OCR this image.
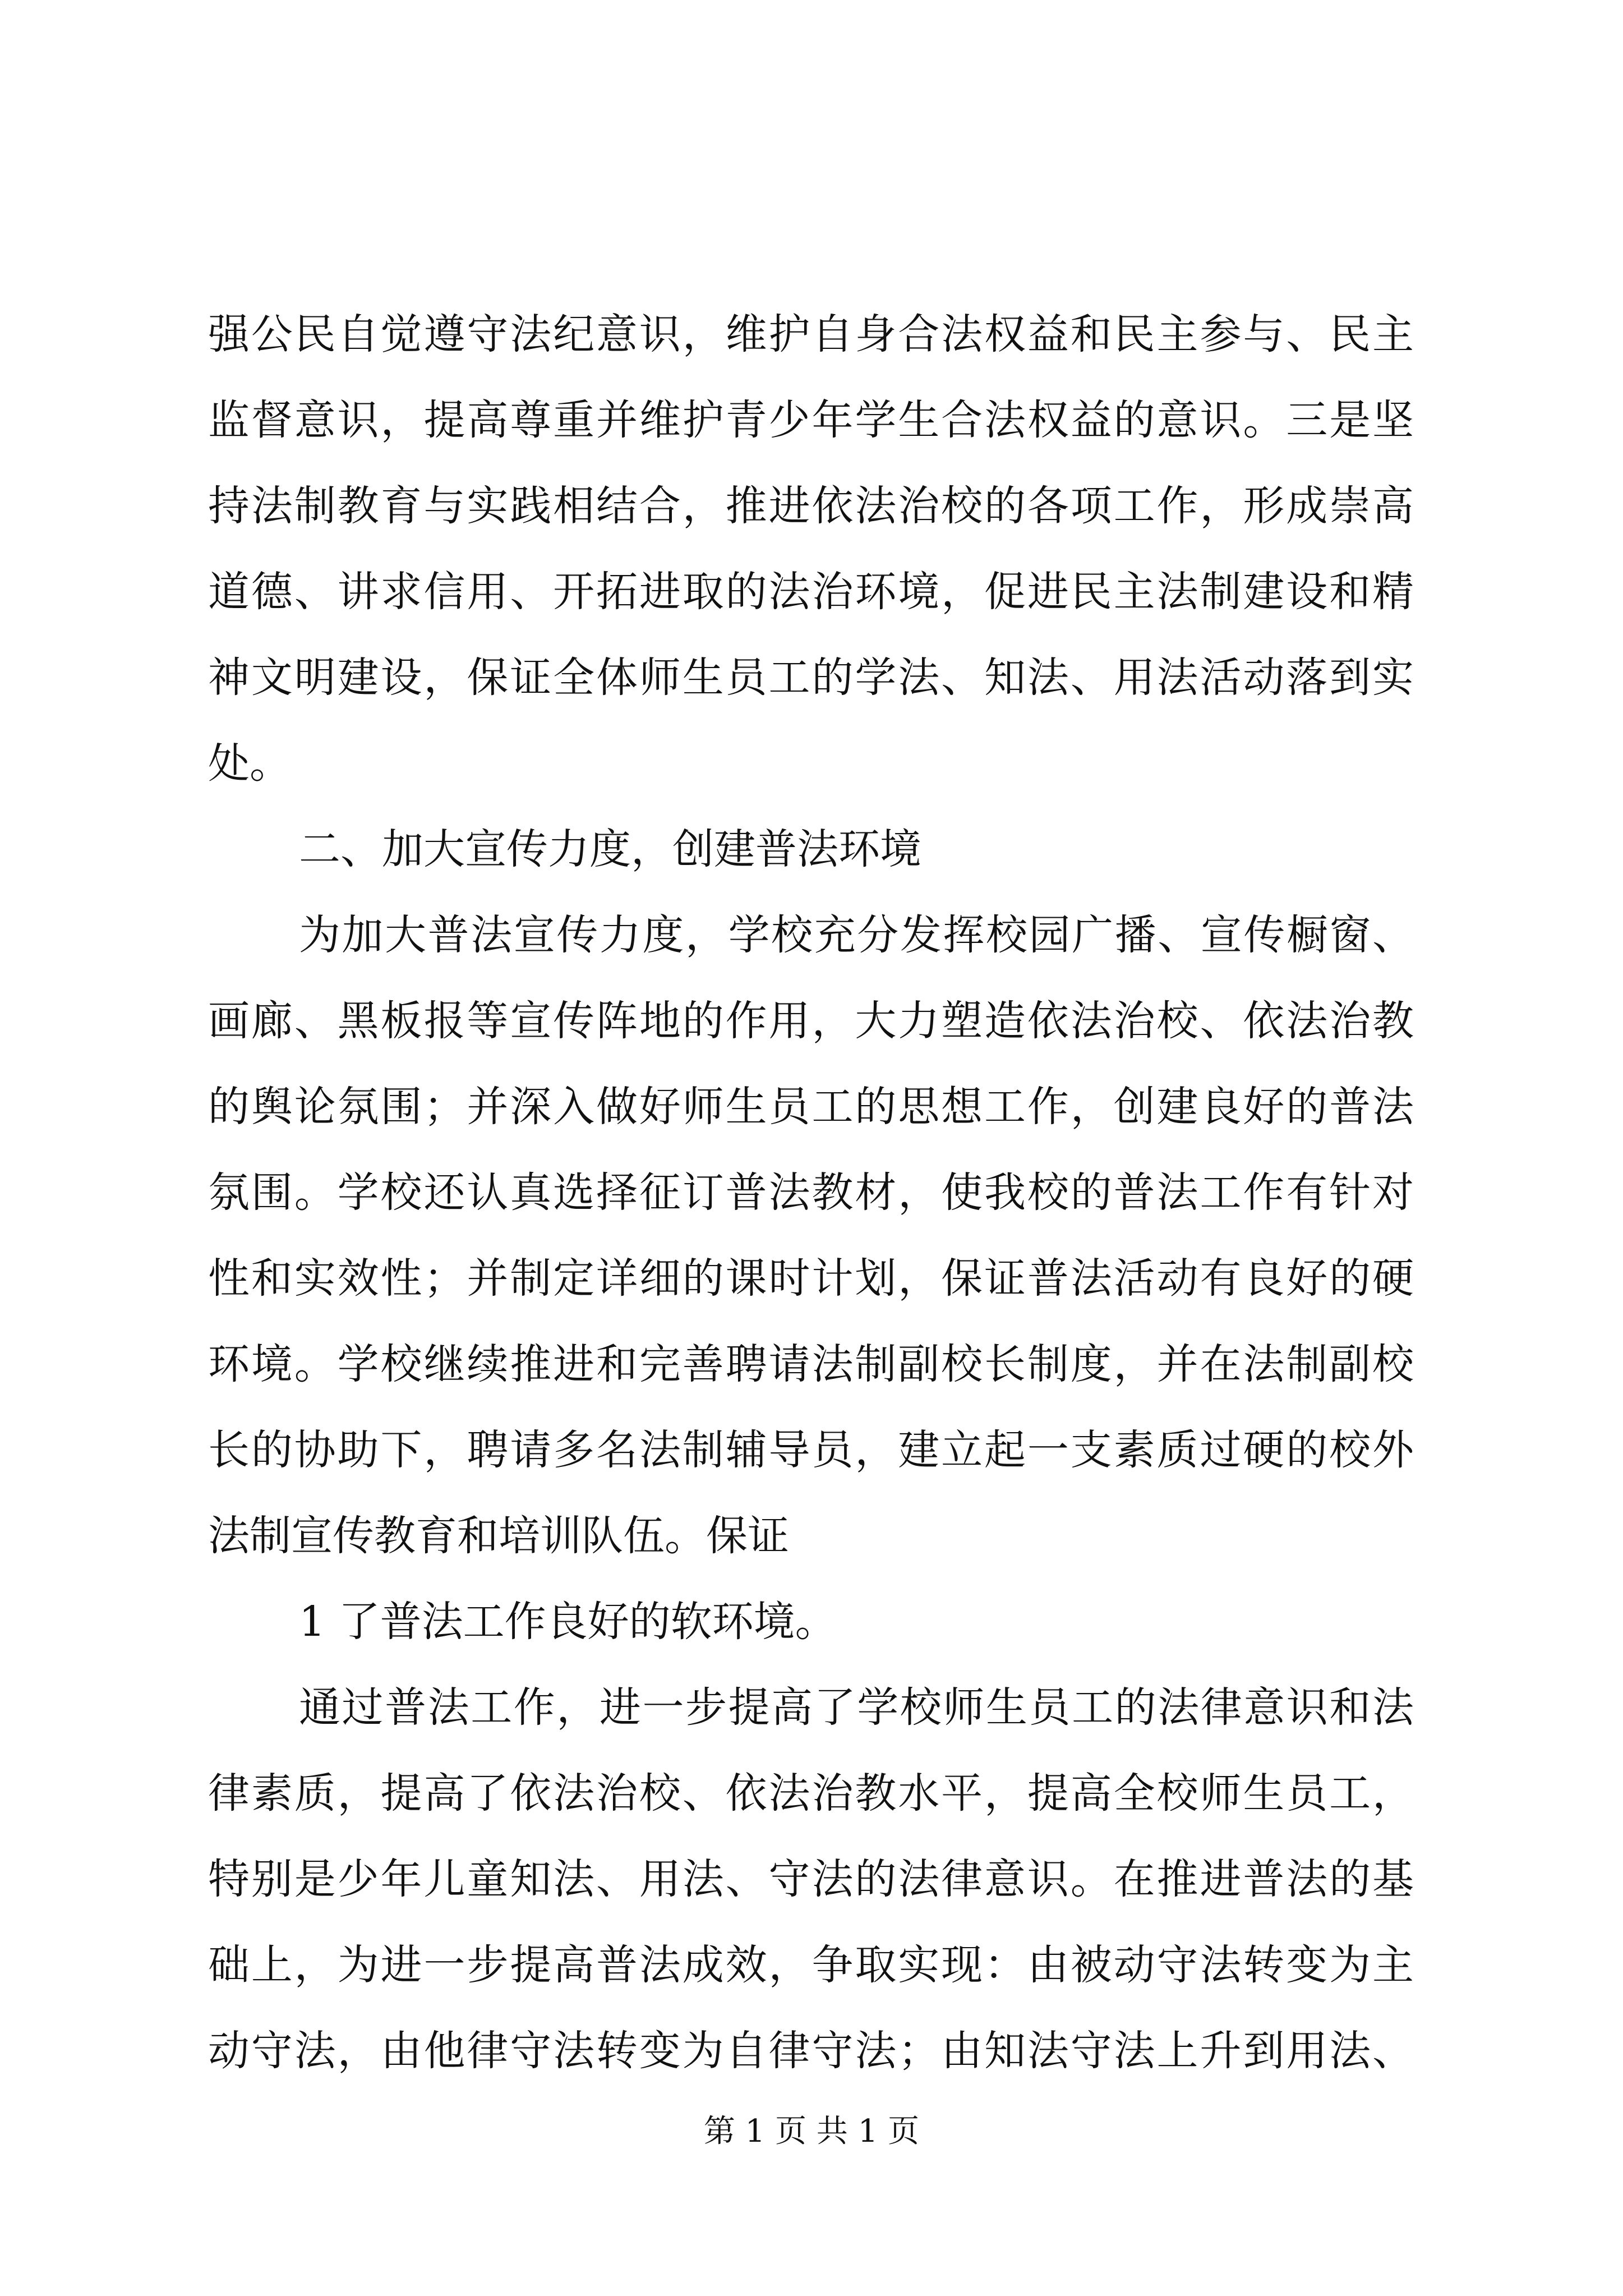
强公民自觉遵守法纪意识，维护自身合法权益和民主参与、民主
监督意识，提高尊重并维护青少年学生合法权益的意识。三是坚
持法制教育与实践相结合，推进依法治校的各项工作，形成崇高
道德、讲求信用、开拓进取的法治环境，促进民主法制建设和精
神文明建设，保证全体师生员工的学法、知法、用法活动落到实
处。
二、加大宣传力度，创建普法环境
为加大普法宣传力度，学校充分发挥校园广播、宣传橱窗、
画廊、黑板报等宣传阵地的作用，大力塑造依法治校、依法治教
的舆论氛围；并深入做好师生员工的思想工作，创建良好的普法
氛围。学校还认真选择征订普法教材，使我校的普法工作有针对
性和实效性；并制定详细的课时计划，保证普法活动有良好的硬
环境。学校继续推进和完善聘请法制副校长制度，并在法制副校
长的协助下，聘请多名法制辅导员，建立起一支素质过硬的校外
法制宣传教育和培训队伍。保证
1 了普法工作良好的软环境。
通过普法工作，进一步提高了学校师生员工的法律意识和法
律素质，提高了依法治校、依法治教水平，提高全校师生员工，
特别是少年儿童知法、用法、守法的法律意识。在推进普法的基
础上，为进一步提高普法成效，争取实现：由被动守法转变为主
动守法，由他律守法转变为自律守法；由知法守法上升到用法、
第 1 页 共 1 页
